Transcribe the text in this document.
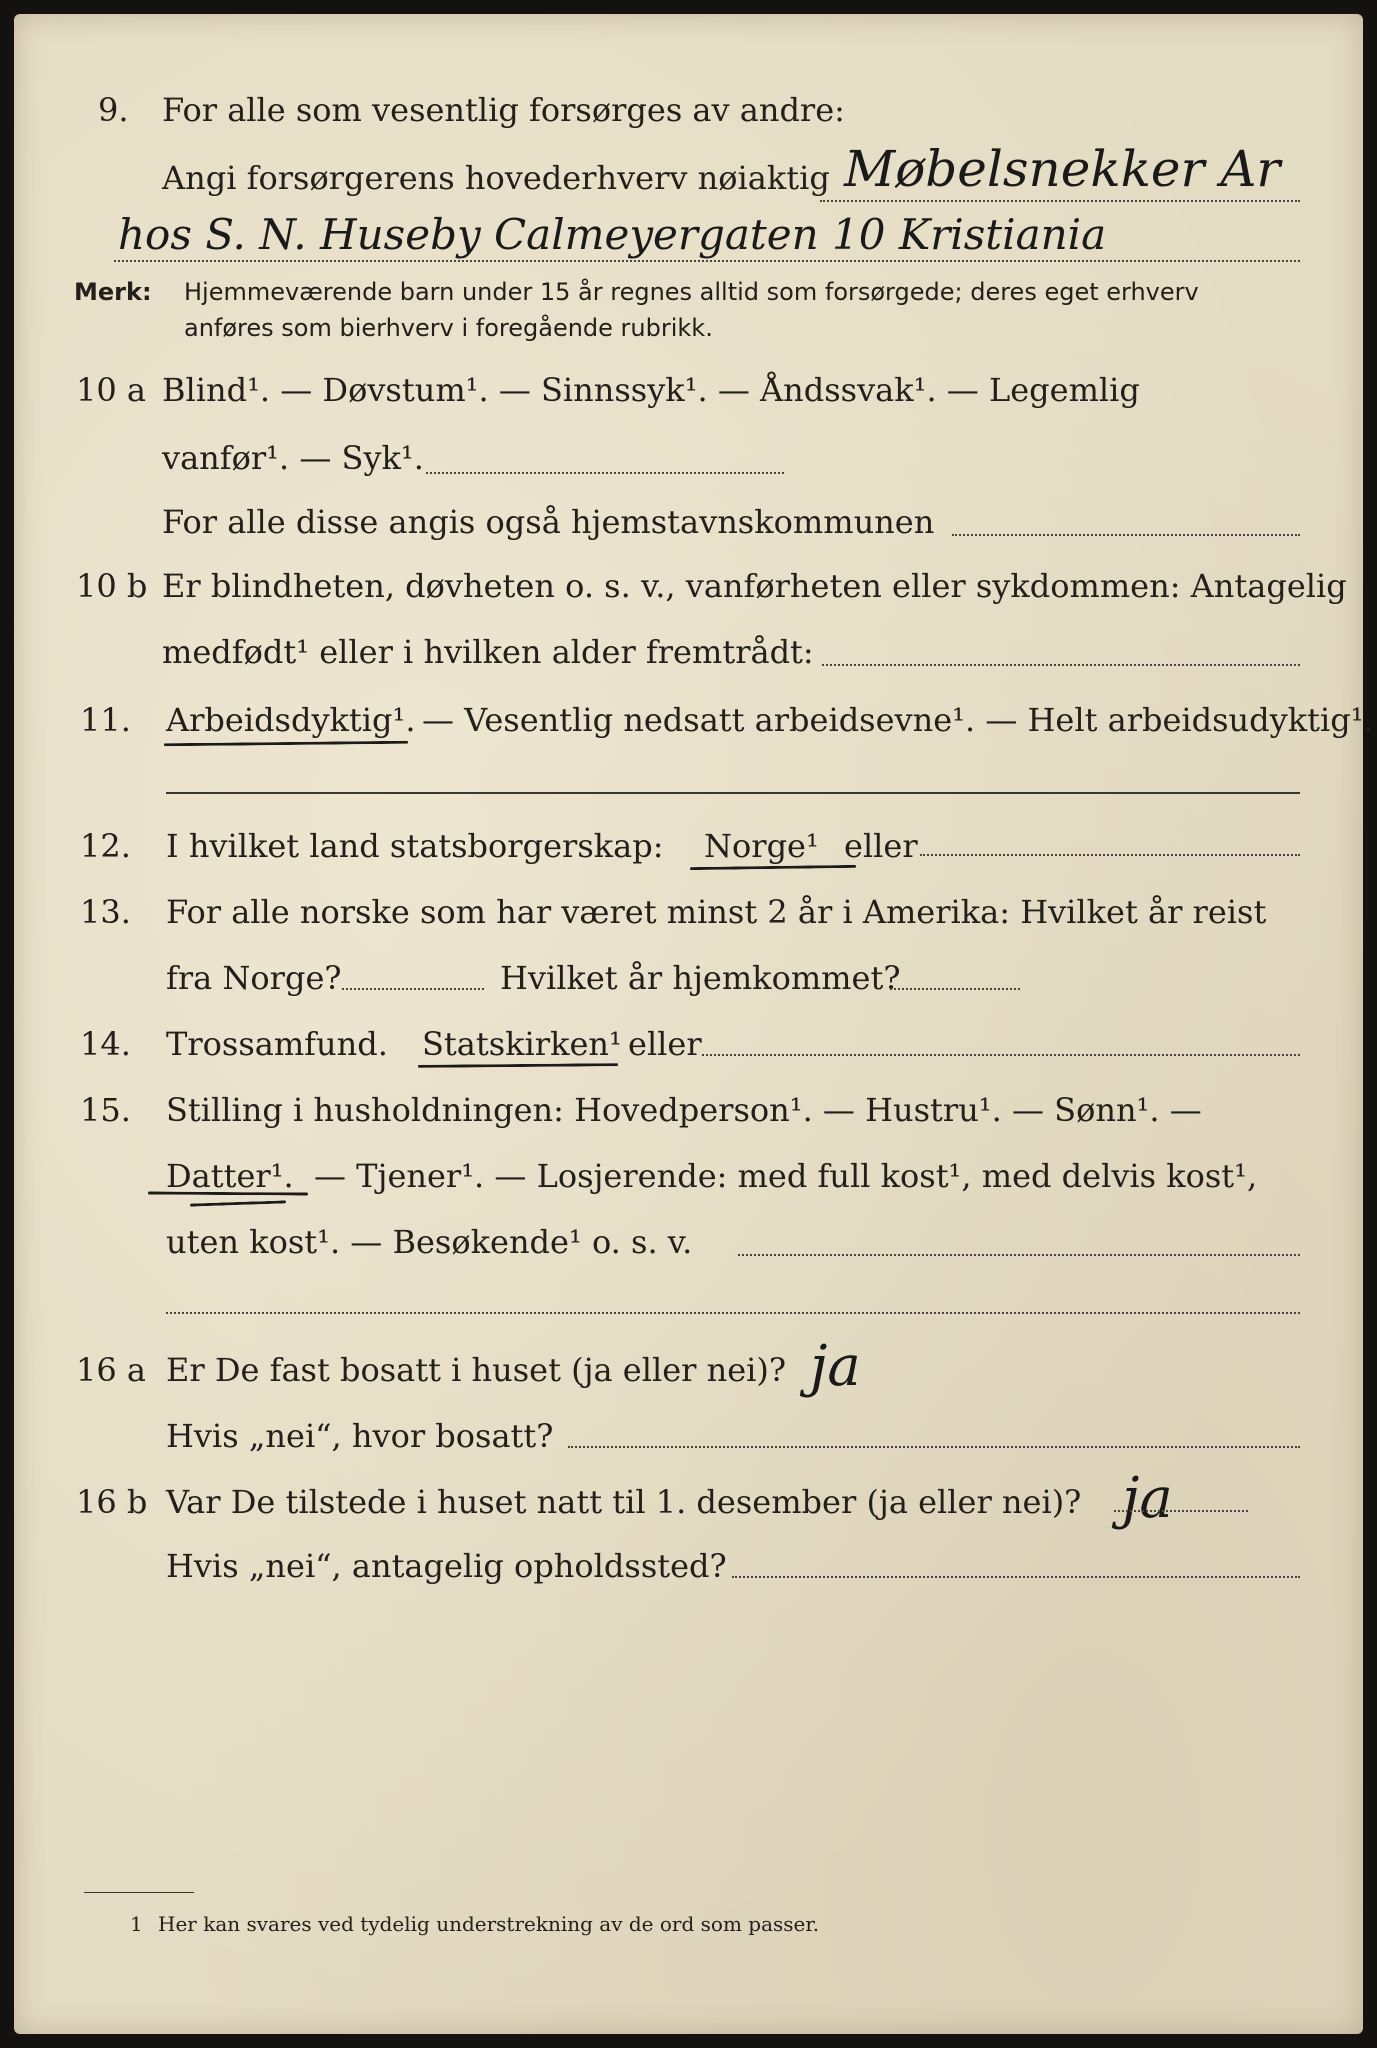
9. For alle som vesentlig forsørges av andre:
Angi forsørgerens hovederhverv nøiaktig Møbelsnekker Ar
hos S. N. Huseby Calmeyergaten 10 Kristiania
Merk: Hjemmeværende barn under 15 år regnes alltid som forsørgede; deres eget erhverv
anføres som bierhverv i foregående rubrikk.
10 a Blind¹. — Døvstum¹. — Sinnssyk¹. — Åndssvak¹. — Legemlig
vanfør¹. — Syk¹.
For alle disse angis også hjemstavnskommunen
10 b Er blindheten, døvheten o. s. v., vanførheten eller sykdommen: Antagelig
medfødt¹ eller i hvilken alder fremtrådt:
11. Arbeidsdyktig¹. — Vesentlig nedsatt arbeidsevne¹. — Helt arbeidsudyktig¹.
12. I hvilket land statsborgerskap: Norge¹ eller
13. For alle norske som har været minst 2 år i Amerika: Hvilket år reist
fra Norge?	Hvilket år hjemkommet?
14. Trossamfund. Statskirken¹ eller
15. Stilling i husholdningen: Hovedperson¹. — Hustru¹. — Sønn¹. —
Datter¹. — Tjener¹. — Losjerende: med full kost¹, med delvis kost¹,
uten kost¹. — Besøkende¹ o. s. v.
16 a Er De fast bosatt i huset (ja eller nei)? ja
Hvis „nei“, hvor bosatt?
16 b Var De tilstede i huset natt til 1. desember (ja eller nei)? ja
Hvis „nei“, antagelig opholdssted?
1 Her kan svares ved tydelig understrekning av de ord som passer.
